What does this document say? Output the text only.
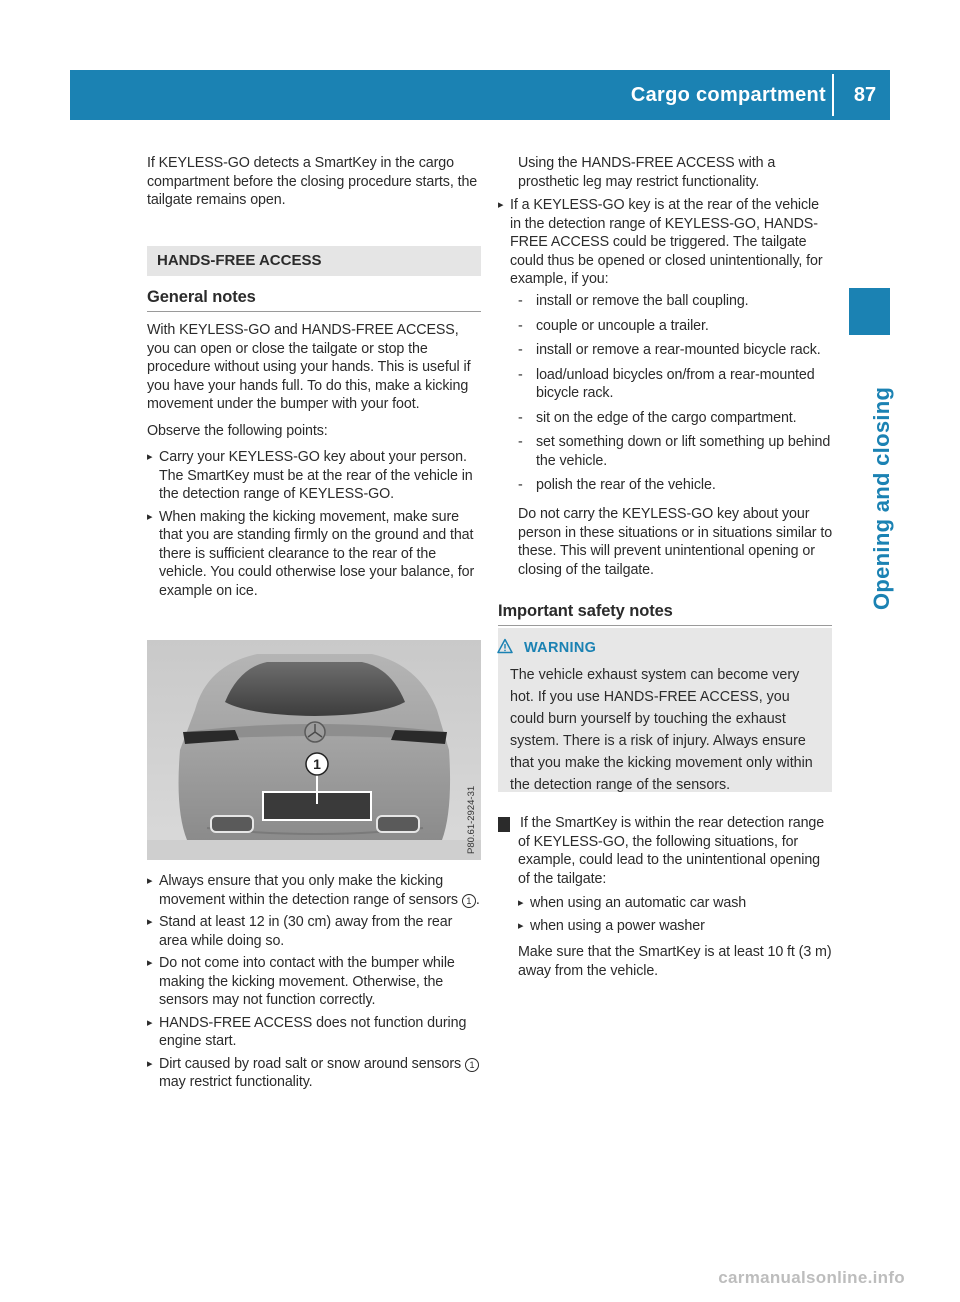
Cargo compartment	87
Opening and closing

If KEYLESS-GO detects a SmartKey in the cargo compartment before the closing procedure starts, the tailgate remains open.

HANDS-FREE ACCESS
General notes

With KEYLESS-GO and HANDS-FREE ACCESS, you can open or close the tailgate or stop the procedure without using your hands. This is useful if you have your hands full. To do this, make a kicking movement under the bumper with your foot.

Observe the following points:

▸ Carry your KEYLESS-GO key about your person. The SmartKey must be at the rear of the vehicle in the detection range of KEYLESS-GO.
▸ When making the kicking movement, make sure that you are standing firmly on the ground and that there is sufficient clearance to the rear of the vehicle. You could otherwise lose your balance, for example on ice.
1
P80.61-2924-31
▸ Always ensure that you only make the kicking movement within the detection range of sensors 1 .
▸ Stand at least 12 in (30 cm) away from the rear area while doing so.
▸ Do not come into contact with the bumper while making the kicking movement. Otherwise, the sensors may not function correctly.
▸ HANDS-FREE ACCESS does not function during engine start.
▸ Dirt caused by road salt or snow around sensors 1 may restrict functionality.

Using the HANDS-FREE ACCESS with a prosthetic leg may restrict functionality.

▸ If a KEYLESS-GO key is at the rear of the vehicle in the detection range of KEYLESS-GO, HANDS-FREE ACCESS could be triggered. The tailgate could thus be opened or closed unintentionally, for example, if you:
- install or remove the ball coupling.
- couple or uncouple a trailer.
- install or remove a rear-mounted bicycle rack.
- load/unload bicycles on/from a rear-mounted bicycle rack.
- sit on the edge of the cargo compartment.
- set something down or lift something up behind the vehicle.
- polish the rear of the vehicle.

Do not carry the KEYLESS-GO key about your person in these situations or in situations similar to these. This will prevent unintentional opening or closing of the tailgate.

Important safety notes
WARNING
The vehicle exhaust system can become very hot. If you use HANDS-FREE ACCESS, you could burn yourself by touching the exhaust system. There is a risk of injury. Always ensure that you make the kicking movement only within the detection range of the sensors.

! If the SmartKey is within the rear detection range of KEYLESS-GO, the following situations, for example, could lead to the unintentional opening of the tailgate:

▸ when using an automatic car wash
▸ when using a power washer

Make sure that the SmartKey is at least 10 ft (3 m) away from the vehicle.

carmanualsonline.info
